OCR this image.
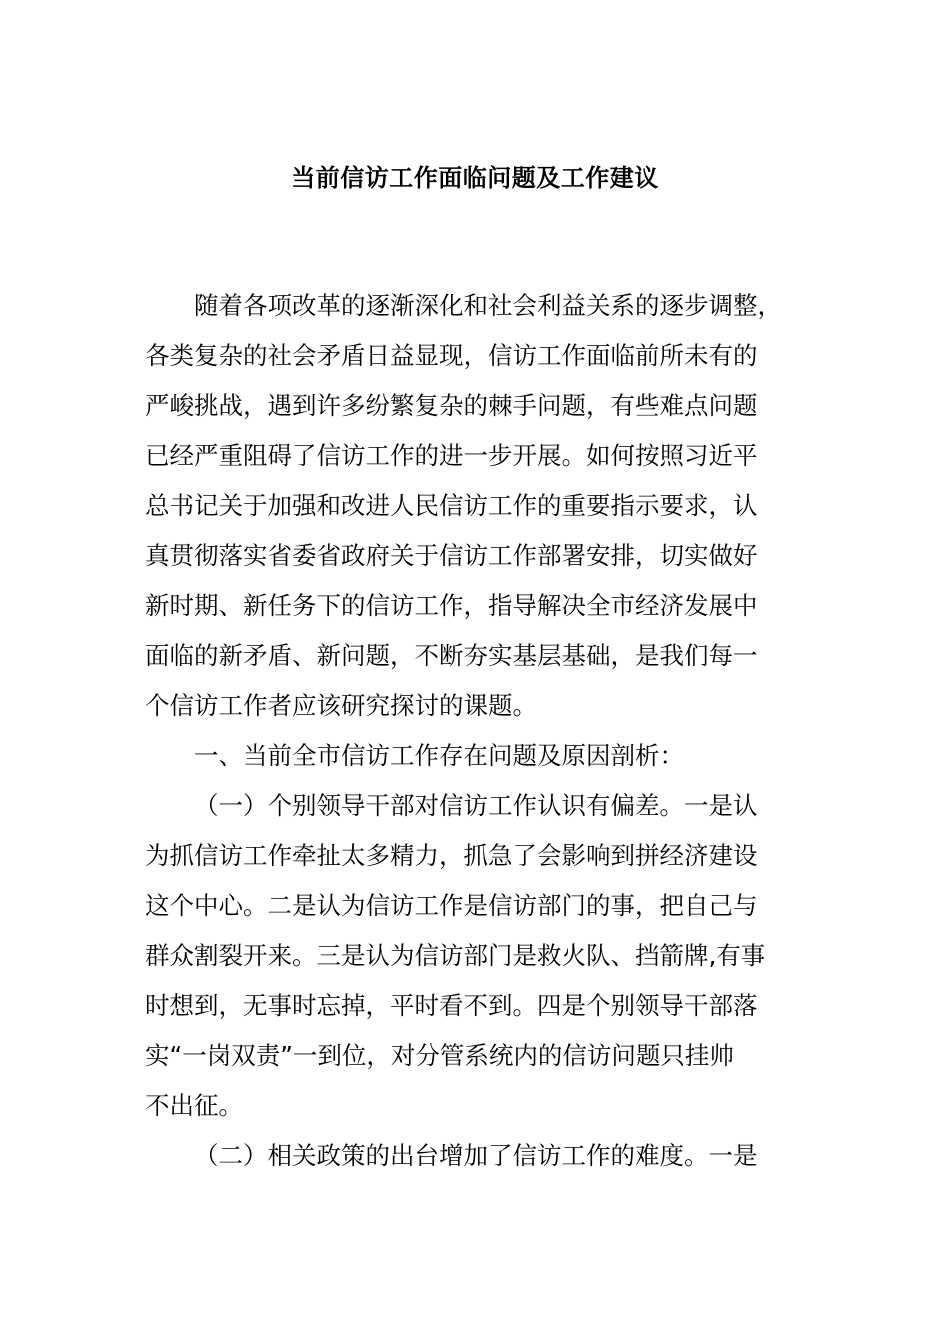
当前信访工作面临问题及工作建议
随着各项改革的逐渐深化和社会利益关系的逐步调整，
各类复杂的社会矛盾日益显现，信访工作面临前所未有的
严峻挑战，遇到许多纷繁复杂的棘手问题，有些难点问题
已经严重阻碍了信访工作的进一步开展。如何按照习近平
总书记关于加强和改进人民信访工作的重要指示要求，认
真贯彻落实省委省政府关于信访工作部署安排，切实做好
新时期、新任务下的信访工作，指导解决全市经济发展中
面临的新矛盾、新问题，不断夯实基层基础，是我们每一
个信访工作者应该研究探讨的课题。
一、当前全市信访工作存在问题及原因剖析：
（一）个别领导干部对信访工作认识有偏差。一是认
为抓信访工作牵扯太多精力，抓急了会影响到拼经济建设
这个中心。二是认为信访工作是信访部门的事，把自己与
群众割裂开来。三是认为信访部门是救火队、挡箭牌,有事
时想到，无事时忘掉，平时看不到。四是个别领导干部落
实“一岗双责”一到位，对分管系统内的信访问题只挂帅
不出征。
（二）相关政策的出台增加了信访工作的难度。一是
